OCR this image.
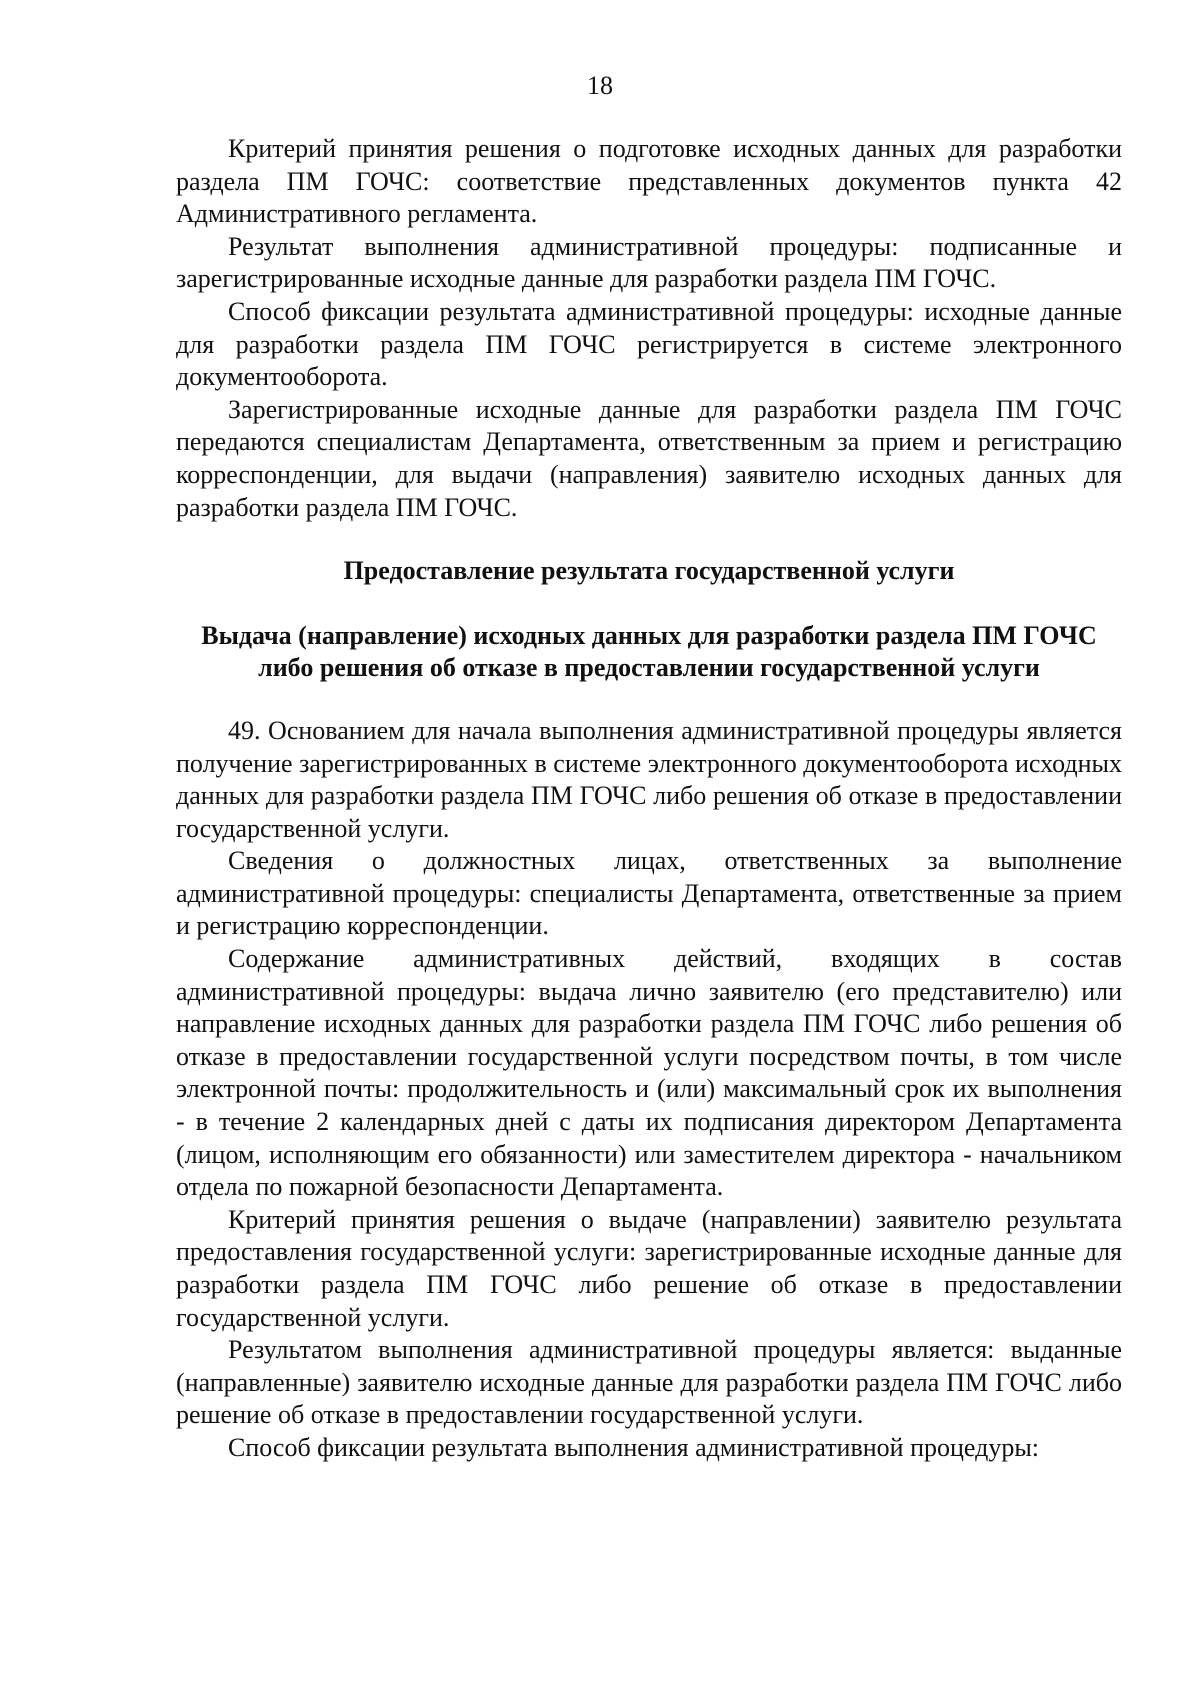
18

Критерий принятия решения о подготовке исходных данных для разработки раздела ПМ ГОЧС: соответствие представленных документов пункта 42 Административного регламента.

Результат выполнения административной процедуры: подписанные и зарегистрированные исходные данные для разработки раздела ПМ ГОЧС.

Способ фиксации результата административной процедуры: исходные данные для разработки раздела ПМ ГОЧС регистрируется в системе электронного документооборота.

Зарегистрированные исходные данные для разработки раздела ПМ ГОЧС передаются специалистам Департамента, ответственным за прием и регистрацию корреспонденции, для выдачи (направления) заявителю исходных данных для разработки раздела ПМ ГОЧС.

Предоставление результата государственной услуги

Выдача (направление) исходных данных для разработки раздела ПМ ГОЧС либо решения об отказе в предоставлении государственной услуги

49. Основанием для начала выполнения административной процедуры является получение зарегистрированных в системе электронного документооборота исходных данных для разработки раздела ПМ ГОЧС либо решения об отказе в предоставлении государственной услуги.

Сведения о должностных лицах, ответственных за выполнение административной процедуры: специалисты Департамента, ответственные за прием и регистрацию корреспонденции.

Содержание административных действий, входящих в состав административной процедуры: выдача лично заявителю (его представителю) или направление исходных данных для разработки раздела ПМ ГОЧС либо решения об отказе в предоставлении государственной услуги посредством почты, в том числе электронной почты: продолжительность и (или) максимальный срок их выполнения - в течение 2 календарных дней с даты их подписания директором Департамента (лицом, исполняющим его обязанности) или заместителем директора - начальником отдела по пожарной безопасности Департамента.

Критерий принятия решения о выдаче (направлении) заявителю результата предоставления государственной услуги: зарегистрированные исходные данные для разработки раздела ПМ ГОЧС либо решение об отказе в предоставлении государственной услуги.

Результатом выполнения административной процедуры является: выданные (направленные) заявителю исходные данные для разработки раздела ПМ ГОЧС либо решение об отказе в предоставлении государственной услуги.

Способ фиксации результата выполнения административной процедуры:
